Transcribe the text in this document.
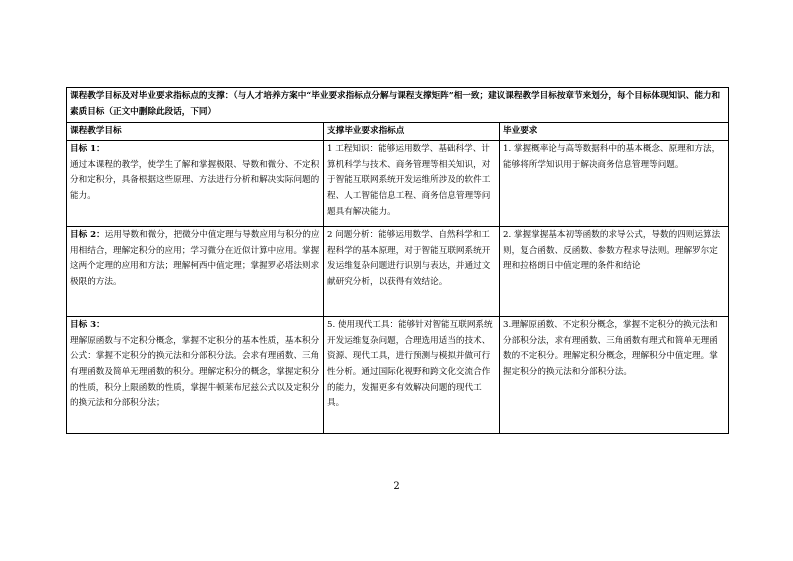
课程教学目标及对毕业要求指标点的支撑：（与人才培养方案中“毕业要求指标点分解与课程支撑矩阵”相一致；建议课程教学目标按章节来划分，每个目标体现知识、能力和素质目标（正文中删除此段话，下同）		
课程教学目标	支撑毕业要求指标点	毕业要求

目标 1：
通过本课程的教学，使学生了解和掌握极限、导数和微分、不定积分和定积分，具备根据这些原理、方法进行分析和解决实际问题的能力。	1 工程知识：能够运用数学、基础科学、计算机科学与技术、商务管理等相关知识，对于智能互联网系统开发运维所涉及的软件工程、人工智能信息工程、商务信息管理等问题具有解决能力。	1. 掌握概率论与高等数据科中的基本概念、原理和方法，能够将所学知识用于解决商务信息管理等问题。
目标 2：运用导数和微分，把微分中值定理与导数应用与积分的应用相结合，理解定积分的应用；学习微分在近似计算中应用。掌握这两个定理的应用和方法；理解柯西中值定理；掌握罗必塔法则求极限的方法。	2 问题分析：能够运用数学、自然科学和工程科学的基本原理，对于智能互联网系统开发运维复杂问题进行识别与表达，并通过文献研究分析，以获得有效结论。	2. 掌握掌握基本初等函数的求导公式，导数的四则运算法则，复合函数、反函数、参数方程求导法则。理解罗尔定理和拉格朗日中值定理的条件和结论

目标 3：
理解原函数与不定积分概念，掌握不定积分的基本性质，基本积分公式：掌握不定积分的换元法和分部积分法。会求有理函数、三角有理函数及简单无理函数的积分。理解定积分的概念，掌握定积分的性质，积分上限函数的性质，掌握牛顿莱布尼兹公式以及定积分的换元法和分部积分法；	5. 使用现代工具：能够针对智能互联网系统开发运维复杂问题，合理选用适当的技术、资源、现代工具，进行预测与模拟并做可行性分析。通过国际化视野和跨文化交流合作的能力，发掘更多有效解决问题的现代工具。	3.理解原函数、不定积分概念，掌握不定积分的换元法和分部积分法，求有理函数、三角函数有理式和简单无理函数的不定积分。理解定积分概念，理解积分中值定理。掌握定积分的换元法和分部积分法。
2
